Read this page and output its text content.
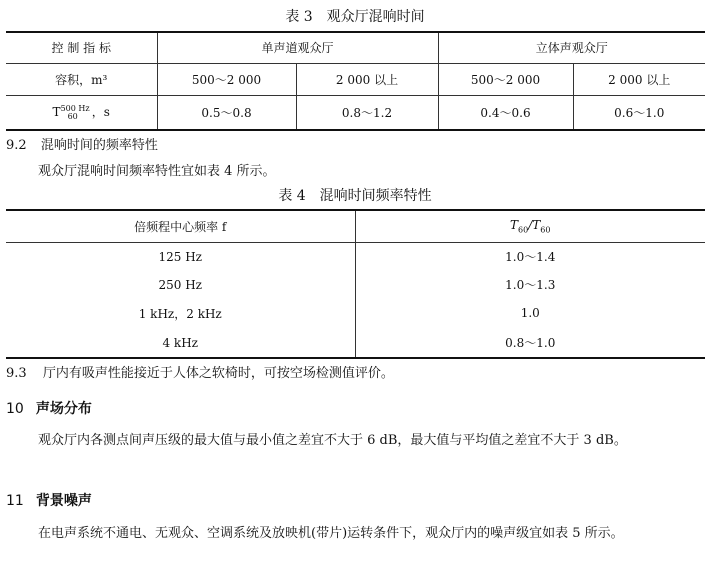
表 3　观众厅混响时间
控 制 指 标	单声道观众厅		立体声观众厅	
容积，m³	500～2 000	2 000 以上	500～2 000	2 000 以上
$T^{500 Hz}_{60}$ ，s	0.5～0.8	0.8～1.2	0.4～0.6	0.6～1.0
9.2 混响时间的频率特性
观众厅混响时间频率特性宜如表 4 所示。
表 4　混响时间频率特性
倍频程中心频率 f	$T_{60}/T_{60}$
125 Hz	1.0～1.4
250 Hz	1.0～1.3
1 kHz，2 kHz	1.0
4 kHz	0.8～1.0
9.3 厅内有吸声性能接近于人体之软椅时，可按空场检测值评价。
10 声场分布
观众厅内各测点间声压级的最大值与最小值之差宜不大于 6 dB，最大值与平均值之差宜不大于 3 dB。
11 背景噪声
在电声系统不通电、无观众、空调系统及放映机(带片)运转条件下，观众厅内的噪声级宜如表 5 所示。
